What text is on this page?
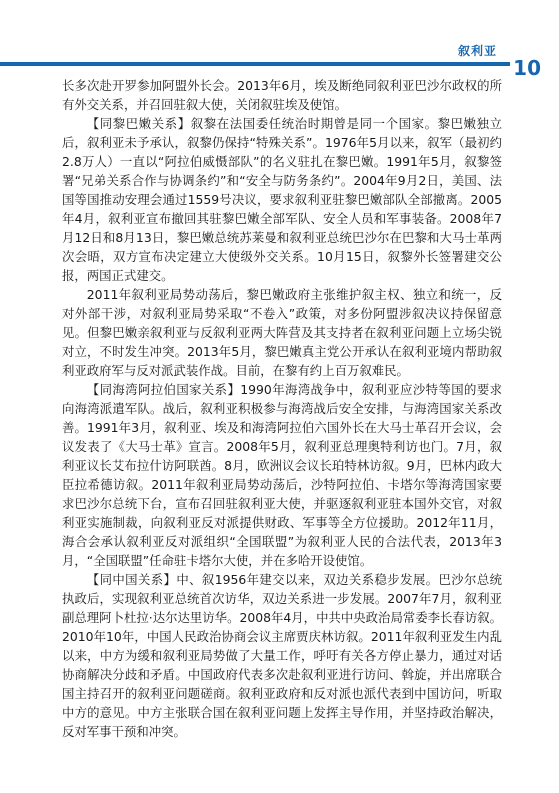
叙利亚
10

长多次赴开罗参加阿盟外长会。2013年6月，埃及断绝同叙利亚巴沙尔政权的所有外交关系，并召回驻叙大使，关闭叙驻埃及使馆。

【同黎巴嫩关系】叙黎在法国委任统治时期曾是同一个国家。黎巴嫩独立后，叙利亚未予承认，叙黎仍保持“特殊关系”。1976年5月以来，叙军（最初约2.8万人）一直以“阿拉伯威慑部队”的名义驻扎在黎巴嫩。1991年5月，叙黎签署“兄弟关系合作与协调条约”和“安全与防务条约”。2004年9月2日，美国、法国等国推动安理会通过1559号决议，要求叙利亚驻黎巴嫩部队全部撤离。2005年4月，叙利亚宣布撤回其驻黎巴嫩全部军队、安全人员和军事装备。2008年7月12日和8月13日，黎巴嫩总统苏莱曼和叙利亚总统巴沙尔在巴黎和大马士革两次会晤，双方宣布决定建立大使级外交关系。10月15日，叙黎外长签署建交公报，两国正式建交。

2011年叙利亚局势动荡后，黎巴嫩政府主张维护叙主权、独立和统一，反对外部干涉，对叙利亚局势采取“不卷入”政策，对多份阿盟涉叙决议持保留意见。但黎巴嫩亲叙利亚与反叙利亚两大阵营及其支持者在叙利亚问题上立场尖锐对立，不时发生冲突。2013年5月，黎巴嫩真主党公开承认在叙利亚境内帮助叙利亚政府军与反对派武装作战。目前，在黎有约上百万叙难民。

【同海湾阿拉伯国家关系】1990年海湾战争中，叙利亚应沙特等国的要求向海湾派遣军队。战后，叙利亚积极参与海湾战后安全安排，与海湾国家关系改善。1991年3月，叙利亚、埃及和海湾阿拉伯六国外长在大马士革召开会议，会议发表了《大马士革》宣言。2008年5月，叙利亚总理奥特利访也门。7月，叙利亚议长艾布拉什访阿联酋。8月，欧洲议会议长珀特林访叙。9月，巴林内政大臣拉希德访叙。2011年叙利亚局势动荡后，沙特阿拉伯、卡塔尔等海湾国家要求巴沙尔总统下台，宣布召回驻叙利亚大使，并驱逐叙利亚驻本国外交官，对叙利亚实施制裁，向叙利亚反对派提供财政、军事等全方位援助。2012年11月，海合会承认叙利亚反对派组织“全国联盟”为叙利亚人民的合法代表，2013年3月，“全国联盟”任命驻卡塔尔大使，并在多哈开设使馆。

【同中国关系】中、叙1956年建交以来，双边关系稳步发展。巴沙尔总统执政后，实现叙利亚总统首次访华，双边关系进一步发展。2007年7月，叙利亚副总理阿卜杜拉·达尔达里访华。2008年4月，中共中央政治局常委李长春访叙。2010年10年，中国人民政治协商会议主席贾庆林访叙。2011年叙利亚发生内乱以来，中方为缓和叙利亚局势做了大量工作，呼吁有关各方停止暴力，通过对话协商解决分歧和矛盾。中国政府代表多次赴叙利亚进行访问、斡旋，并出席联合国主持召开的叙利亚问题磋商。叙利亚政府和反对派也派代表到中国访问，听取中方的意见。中方主张联合国在叙利亚问题上发挥主导作用，并坚持政治解决，反对军事干预和冲突。
